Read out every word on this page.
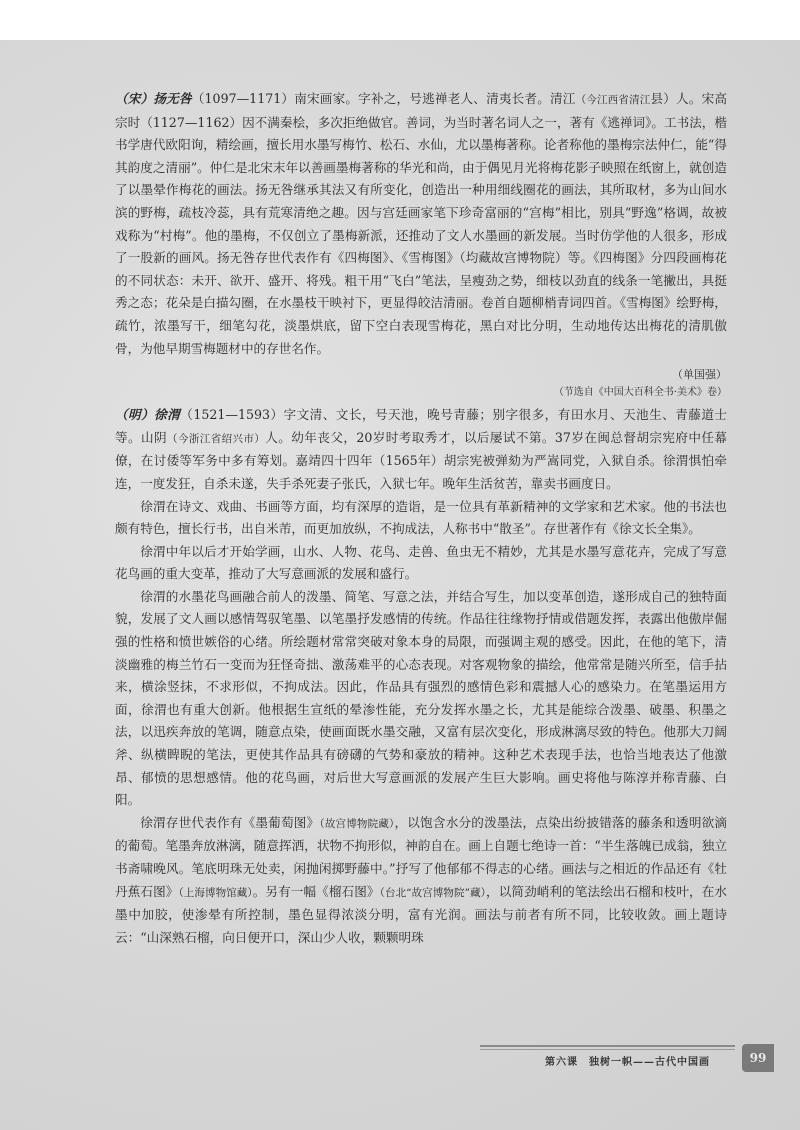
（宋）扬无咎（1097—1171）南宋画家。字补之，号逃禅老人、清夷长者。清江（今江西省清江县）人。宋高宗时（1127—1162）因不满秦桧，多次拒绝做官。善词，为当时著名词人之一，著有《逃禅词》。工书法，楷书学唐代欧阳询，精绘画，擅长用水墨写梅竹、松石、水仙，尤以墨梅著称。论者称他的墨梅宗法仲仁，能“得其韵度之清丽”。仲仁是北宋末年以善画墨梅著称的华光和尚，由于偶见月光将梅花影子映照在纸窗上，就创造了以墨晕作梅花的画法。扬无咎继承其法又有所变化，创造出一种用细线圈花的画法，其所取材，多为山间水滨的野梅，疏枝冷蕊，具有荒寒清绝之趣。因与宫廷画家笔下珍奇富丽的“宫梅”相比，别具“野逸”格调，故被戏称为“村梅”。他的墨梅，不仅创立了墨梅新派，还推动了文人水墨画的新发展。当时仿学他的人很多，形成了一股新的画风。扬无咎存世代表作有《四梅图》、《雪梅图》（均藏故宫博物院）等。《四梅图》分四段画梅花的不同状态：未开、欲开、盛开、将残。粗干用“飞白”笔法，呈瘦劲之势，细枝以劲直的线条一笔撇出，具挺秀之态；花朵是白描勾圈，在水墨枝干映衬下，更显得皎洁清丽。卷首自题柳梢青词四首。《雪梅图》绘野梅，疏竹，浓墨写干，细笔勾花，淡墨烘底，留下空白表现雪梅花，黑白对比分明，生动地传达出梅花的清肌傲骨，为他早期雪梅题材中的存世名作。

（单国强）

（节选自《中国大百科全书·美术》卷）

（明）徐渭（1521—1593）字文清、文长，号天池，晚号青藤；别字很多，有田水月、天池生、青藤道士等。山阴（今浙江省绍兴市）人。幼年丧父，20岁时考取秀才，以后屡试不第。37岁在闽总督胡宗宪府中任幕僚，在讨倭等军务中多有筹划。嘉靖四十四年（1565年）胡宗宪被弹劾为严嵩同党，入狱自杀。徐渭惧怕牵连，一度发狂，自杀未遂，失手杀死妻子张氏，入狱七年。晚年生活贫苦，靠卖书画度日。

徐渭在诗文、戏曲、书画等方面，均有深厚的造诣，是一位具有革新精神的文学家和艺术家。他的书法也颇有特色，擅长行书，出自米芾，而更加放纵，不拘成法，人称书中“散圣”。存世著作有《徐文长全集》。

徐渭中年以后才开始学画，山水、人物、花鸟、走兽、鱼虫无不精妙，尤其是水墨写意花卉，完成了写意花鸟画的重大变革，推动了大写意画派的发展和盛行。

徐渭的水墨花鸟画融合前人的泼墨、简笔、写意之法，并结合写生，加以变革创造，遂形成自己的独特面貌，发展了文人画以感情驾驭笔墨、以笔墨抒发感情的传统。作品往往缘物抒情或借题发挥，表露出他傲岸倔强的性格和愤世嫉俗的心绪。所绘题材常常突破对象本身的局限，而强调主观的感受。因此，在他的笔下，清淡幽雅的梅兰竹石一变而为狂怪奇拙、激荡难平的心态表现。对客观物象的描绘，他常常是随兴所至，信手拈来，横涂竖抹，不求形似，不拘成法。因此，作品具有强烈的感情色彩和震撼人心的感染力。在笔墨运用方面，徐渭也有重大创新。他根据生宣纸的晕渗性能，充分发挥水墨之长，尤其是能综合泼墨、破墨、积墨之法，以迅疾奔放的笔调，随意点染，使画面既水墨交融，又富有层次变化，形成淋漓尽致的特色。他那大刀阔斧、纵横睥睨的笔法，更使其作品具有磅礴的气势和豪放的精神。这种艺术表现手法，也恰当地表达了他激昂、郁愤的思想感情。他的花鸟画，对后世大写意画派的发展产生巨大影响。画史将他与陈淳并称青藤、白阳。

徐渭存世代表作有《墨葡萄图》（故宫博物院藏），以饱含水分的泼墨法，点染出纷披错落的藤条和透明欲滴的葡萄。笔墨奔放淋漓，随意挥洒，状物不拘形似，神韵自在。画上自题七绝诗一首：“半生落魄已成翁，独立书斋啸晚风。笔底明珠无处卖，闲抛闲掷野藤中。”抒写了他郁郁不得志的心绪。画法与之相近的作品还有《牡丹蕉石图》（上海博物馆藏）。另有一幅《榴石图》（台北“故宫博物院”藏），以简劲峭利的笔法绘出石榴和枝叶，在水墨中加胶，使渗晕有所控制，墨色显得浓淡分明，富有光润。画法与前者有所不同，比较收敛。画上题诗云：“山深熟石榴，向日便开口，深山少人收，颗颗明珠

第六课　独树一帜——古代中国画	99
